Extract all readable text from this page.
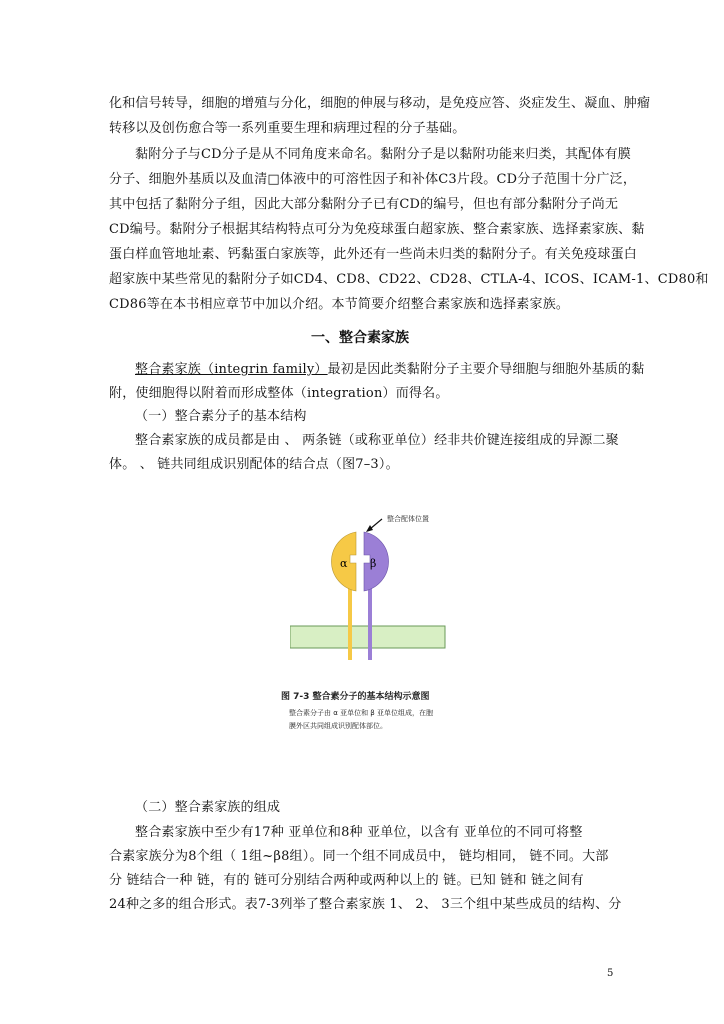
化和信号转导，细胞的增殖与分化，细胞的伸展与移动，是免疫应答、炎症发生、凝血、肿瘤
转移以及创伤愈合等一系列重要生理和病理过程的分子基础。
黏附分子与CD分子是从不同角度来命名。黏附分子是以黏附功能来归类，其配体有膜
分子、细胞外基质以及血清□体液中的可溶性因子和补体C3片段。CD分子范围十分广泛，
其中包括了黏附分子组，因此大部分黏附分子已有CD的编号，但也有部分黏附分子尚无
CD编号。黏附分子根据其结构特点可分为免疫球蛋白超家族、整合素家族、选择素家族、黏
蛋白样血管地址素、钙黏蛋白家族等，此外还有一些尚未归类的黏附分子。有关免疫球蛋白
超家族中某些常见的黏附分子如CD4、CD8、CD22、CD28、CTLA-4、ICOS、ICAM-1、CD80和
CD86等在本书相应章节中加以介绍。本节简要介绍整合素家族和选择素家族。
一、整合素家族
整合素家族（integrin family）最初是因此类黏附分子主要介导细胞与细胞外基质的黏
附，使细胞得以附着而形成整体（integration）而得名。
（一）整合素分子的基本结构
整合素家族的成员都是由 、 两条链（或称亚单位）经非共价键连接组成的异源二聚
体。 、 链共同组成识别配体的结合点（图7–3）。
α β
整合配体位置
图 7-3 整合素分子的基本结构示意图
整合素分子由 α 亚单位和 β 亚单位组成，在胞
膜外区共同组成识别配体部位。
（二）整合素家族的组成
整合素家族中至少有17种 亚单位和8种 亚单位，以含有 亚单位的不同可将整
合素家族分为8个组（ 1组~β8组）。同一个组不同成员中， 链均相同， 链不同。大部
分 链结合一种 链，有的 链可分别结合两种或两种以上的 链。已知 链和 链之间有
24种之多的组合形式。表7-3列举了整合素家族 1、 2、 3三个组中某些成员的结构、分
5
